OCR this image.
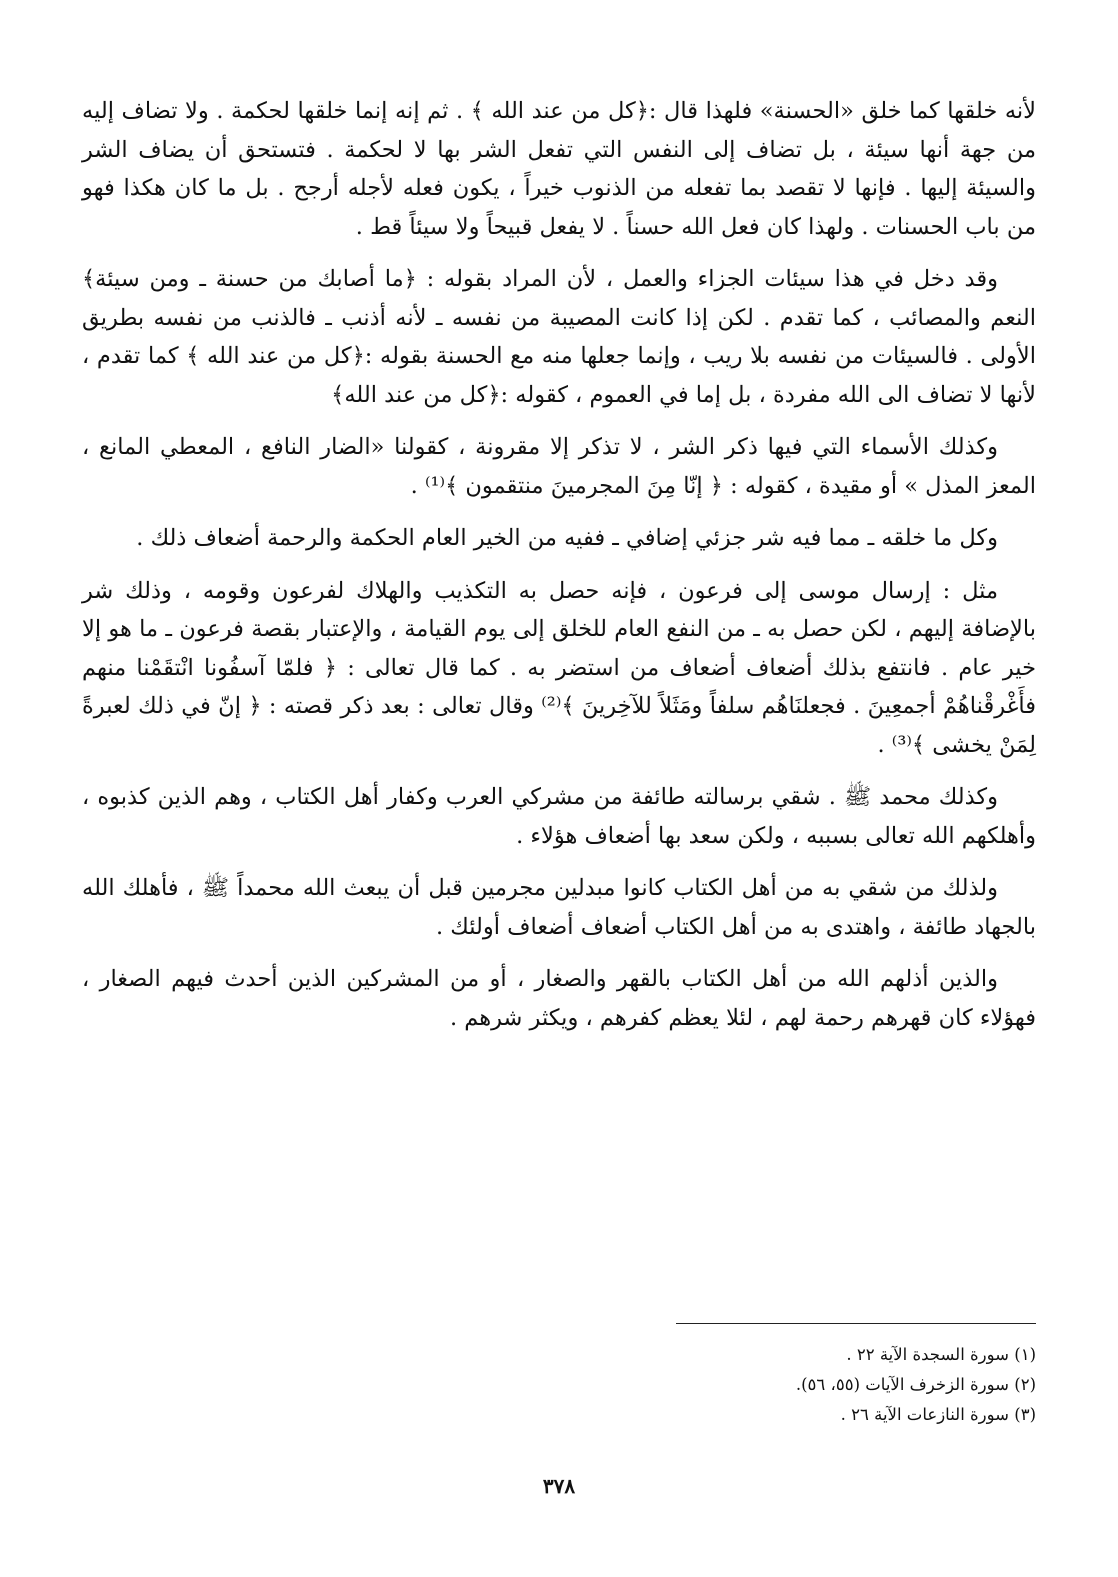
لأنه خلقها كما خلق «الحسنة» فلهذا قال :﴿كل من عند الله ﴾ . ثم إنه إنما خلقها لحكمة . ولا تضاف إليه من جهة أنها سيئة ، بل تضاف إلى النفس التي تفعل الشر بها لا لحكمة . فتستحق أن يضاف الشر والسيئة إليها . فإنها لا تقصد بما تفعله من الذنوب خيراً ، يكون فعله لأجله أرجح . بل ما كان هكذا فهو من باب الحسنات . ولهذا كان فعل الله حسناً . لا يفعل قبيحاً ولا سيئاً قط .

وقد دخل في هذا سيئات الجزاء والعمل ، لأن المراد بقوله : ﴿ما أصابك من حسنة ـ ومن سيئة﴾ النعم والمصائب ، كما تقدم . لكن إذا كانت المصيبة من نفسه ـ لأنه أذنب ـ فالذنب من نفسه بطريق الأولى . فالسيئات من نفسه بلا ريب ، وإنما جعلها منه مع الحسنة بقوله :﴿كل من عند الله ﴾ كما تقدم ، لأنها لا تضاف الى الله مفردة ، بل إما في العموم ، كقوله :﴿كل من عند الله﴾

وكذلك الأسماء التي فيها ذكر الشر ، لا تذكر إلا مقرونة ، كقولنا «الضار النافع ، المعطي المانع ، المعز المذل » أو مقيدة ، كقوله : ﴿ إنّا مِنَ المجرمينَ منتقمون ﴾⁽¹⁾ .

وكل ما خلقه ـ مما فيه شر جزئي إضافي ـ ففيه من الخير العام الحكمة والرحمة أضعاف ذلك .

مثل : إرسال موسى إلى فرعون ، فإنه حصل به التكذيب والهلاك لفرعون وقومه ، وذلك شر بالإضافة إليهم ، لكن حصل به ـ من النفع العام للخلق إلى يوم القيامة ، والإعتبار بقصة فرعون ـ ما هو إلا خير عام . فانتفع بذلك أضعاف أضعاف من استضر به . كما قال تعالى : ﴿ فلمّا آسفُونا انْتقَمْنا منهم فأَغْرقْناهُمْ أجمعِينَ . فجعلنَاهُم سلفاً ومَثَلاً للآخِرينَ ﴾⁽²⁾ وقال تعالى : بعد ذكر قصته : ﴿ إنّ في ذلك لعبرةً لِمَنْ يخشى ﴾⁽³⁾ .

وكذلك محمد ﷺ . شقي برسالته طائفة من مشركي العرب وكفار أهل الكتاب ، وهم الذين كذبوه ، وأهلكهم الله تعالى بسببه ، ولكن سعد بها أضعاف هؤلاء .

ولذلك من شقي به من أهل الكتاب كانوا مبدلين مجرمين قبل أن يبعث الله محمداً ﷺ ، فأهلك الله بالجهاد طائفة ، واهتدى به من أهل الكتاب أضعاف أضعاف أولئك .

والذين أذلهم الله من أهل الكتاب بالقهر والصغار ، أو من المشركين الذين أحدث فيهم الصغار ، فهؤلاء كان قهرهم رحمة لهم ، لئلا يعظم كفرهم ، ويكثر شرهم .

(١) سورة السجدة الآية ٢٢ .

(٢) سورة الزخرف الآيات (٥٥، ٥٦).

(٣) سورة النازعات الآية ٢٦ .

٣٧٨
